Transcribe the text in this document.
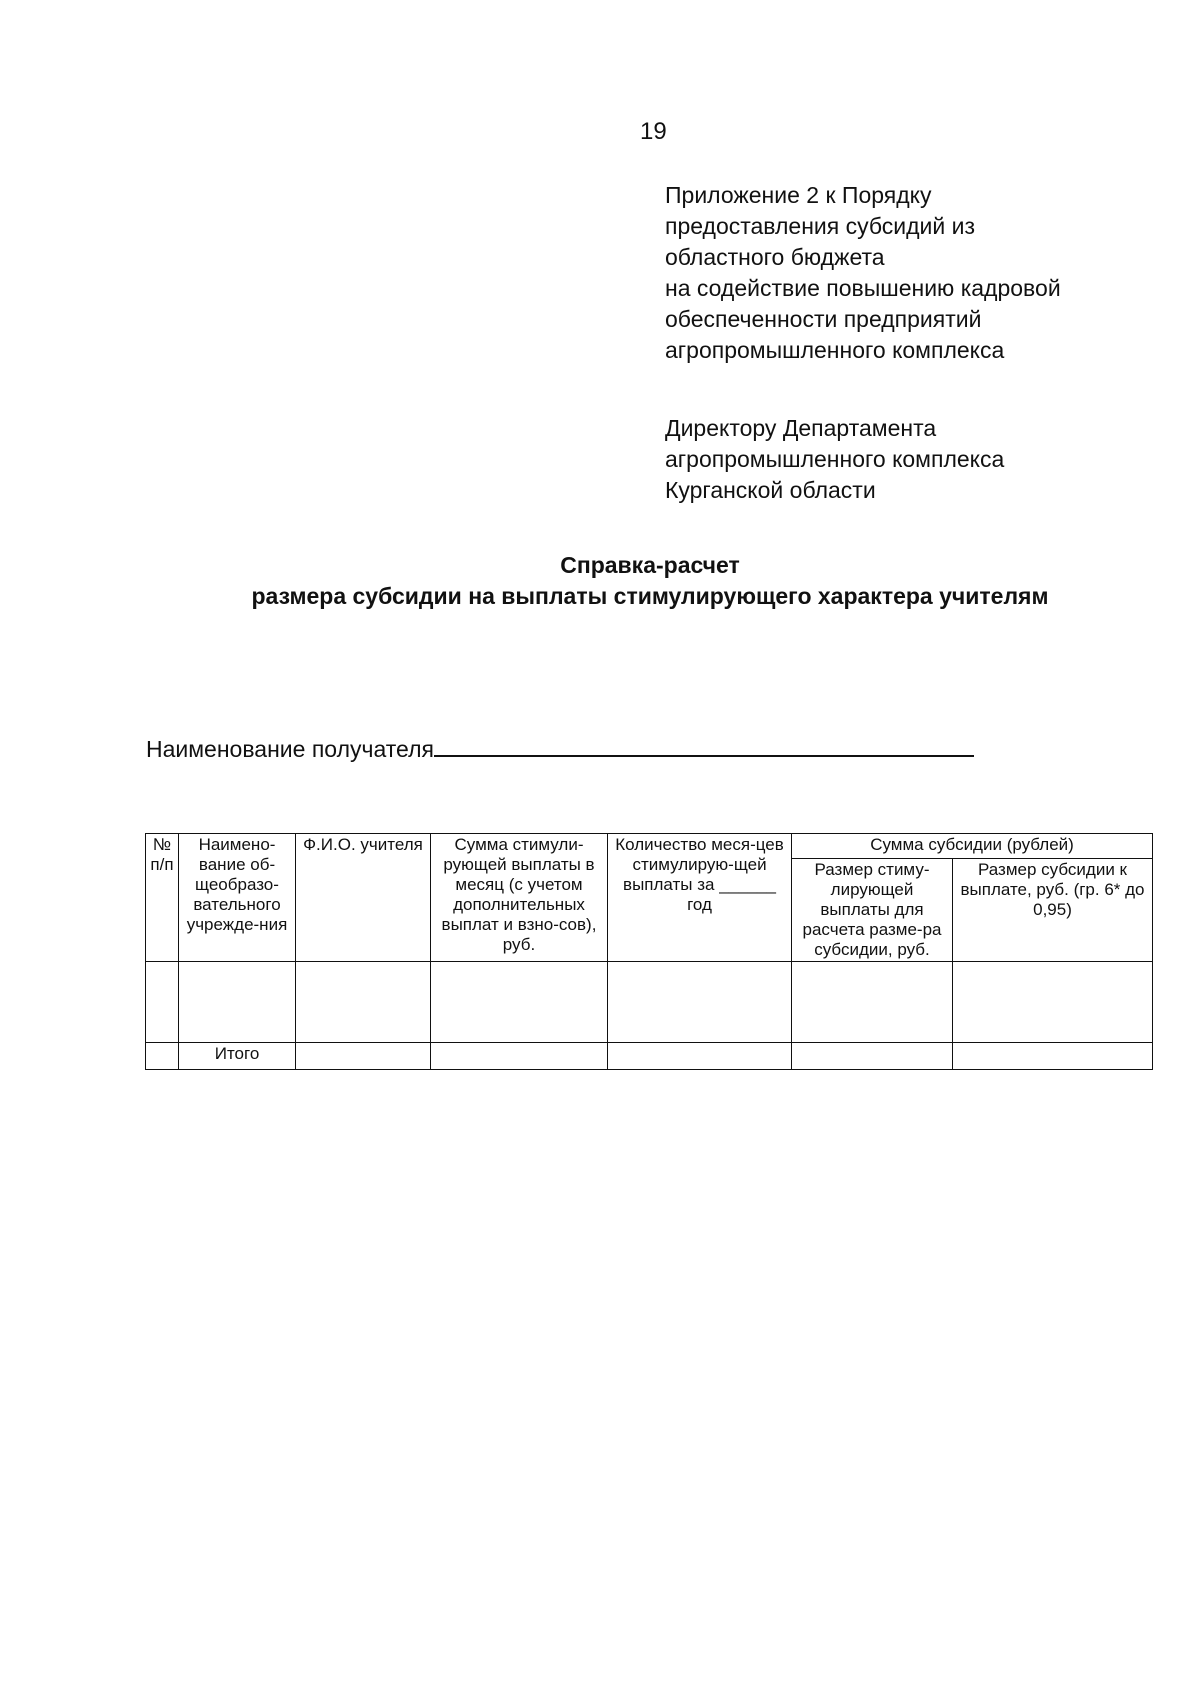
19
Приложение 2 к Порядку
предоставления субсидий из
областного бюджета
на содействие повышению кадровой
обеспеченности предприятий
агропромышленного комплекса
Директору Департамента
агропромышленного комплекса
Курганской области
Справка-расчет
размера субсидии на выплаты стимулирующего характера учителям
Наименование получателя
№ п/п	Наимено-вание об-щеобразо-вательного учрежде-ния	Ф.И.О. учителя	Сумма стимули-рующей выплаты в месяц (с учетом дополнительных выплат и взно-сов), руб.	Количество меся-цев стимулирую-щей выплаты за ______ год	Сумма субсидии (рублей)	
					Размер стиму-лирующей выплаты для расчета разме-ра субсидии, руб.	Размер субсидии к выплате, руб. (гр. 6* до 0,95)

	Итого					
